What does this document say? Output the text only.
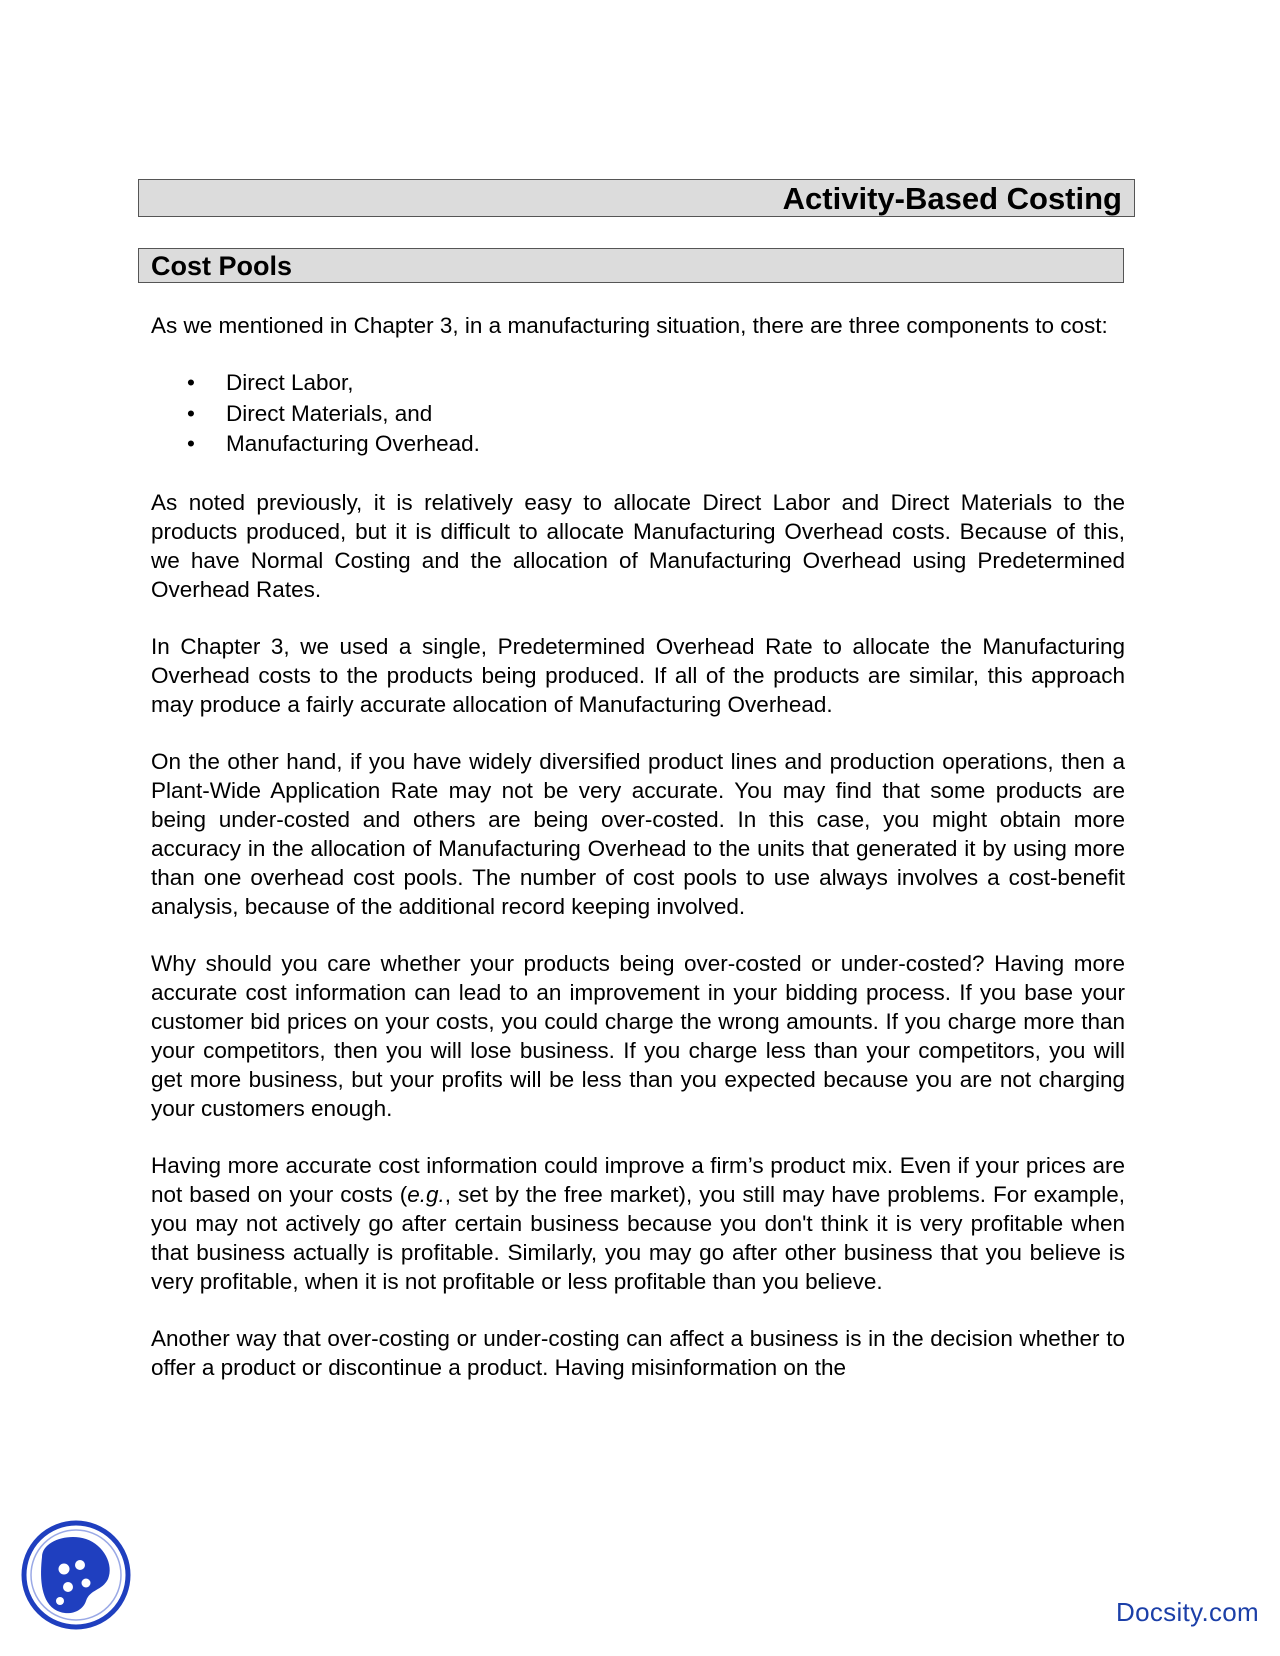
Activity-Based Costing
Cost Pools

As we mentioned in Chapter 3, in a manufacturing situation, there are three components to cost:

• Direct Labor,
• Direct Materials, and
• Manufacturing Overhead.

As noted previously, it is relatively easy to allocate Direct Labor and Direct Materials to the products produced, but it is difficult to allocate Manufacturing Overhead costs. Because of this, we have Normal Costing and the allocation of Manufacturing Overhead using Predetermined Overhead Rates.

In Chapter 3, we used a single, Predetermined Overhead Rate to allocate the Manufacturing Overhead costs to the products being produced. If all of the products are similar, this approach may produce a fairly accurate allocation of Manufacturing Overhead.

On the other hand, if you have widely diversified product lines and production operations, then a Plant-Wide Application Rate may not be very accurate. You may find that some products are being under-costed and others are being over-costed. In this case, you might obtain more accuracy in the allocation of Manufacturing Overhead to the units that generated it by using more than one overhead cost pools. The number of cost pools to use always involves a cost-benefit analysis, because of the additional record keeping involved.

Why should you care whether your products being over-costed or under-costed? Having more accurate cost information can lead to an improvement in your bidding process. If you base your customer bid prices on your costs, you could charge the wrong amounts. If you charge more than your competitors, then you will lose business. If you charge less than your competitors, you will get more business, but your profits will be less than you expected because you are not charging your customers enough.

Having more accurate cost information could improve a firm’s product mix. Even if your prices are not based on your costs (e.g., set by the free market), you still may have problems. For example, you may not actively go after certain business because you don't think it is very profitable when that business actually is profitable. Similarly, you may go after other business that you believe is very profitable, when it is not profitable or less profitable than you believe.

Another way that over-costing or under-costing can affect a business is in the decision whether to offer a product or discontinue a product. Having misinformation on the

Docsity.com
